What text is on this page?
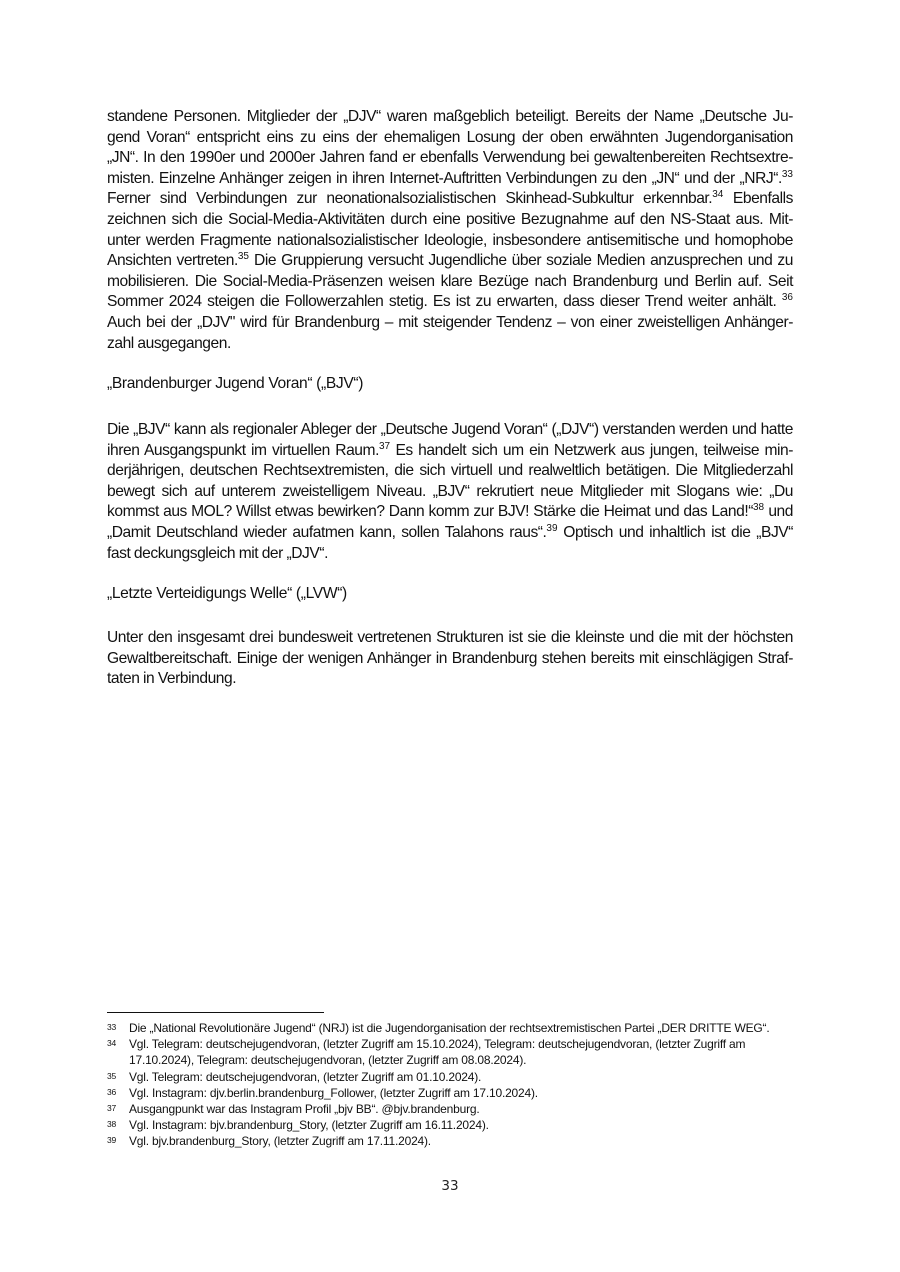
standene Personen. Mitglieder der „DJV“ waren maßgeblich beteiligt. Bereits der Name „Deutsche Ju-

gend Voran“ entspricht eins zu eins der ehemaligen Losung der oben erwähnten Jugendorganisation

„JN“. In den 1990er und 2000er Jahren fand er ebenfalls Verwendung bei gewaltenbereiten Rechtsextre-

misten. Einzelne Anhänger zeigen in ihren Internet-Auftritten Verbindungen zu den „JN“ und der „NRJ“.$^{33}$

Ferner sind Verbindungen zur neonationalsozialistischen Skinhead-Subkultur erkennbar.$^{34}$ Ebenfalls

zeichnen sich die Social-Media-Aktivitäten durch eine positive Bezugnahme auf den NS-Staat aus. Mit-

unter werden Fragmente nationalsozialistischer Ideologie, insbesondere antisemitische und homophobe

Ansichten vertreten.$^{35}$ Die Gruppierung versucht Jugendliche über soziale Medien anzusprechen und zu

mobilisieren. Die Social-Media-Präsenzen weisen klare Bezüge nach Brandenburg und Berlin auf. Seit

Sommer 2024 steigen die Followerzahlen stetig. Es ist zu erwarten, dass dieser Trend weiter anhält. $^{36}$

Auch bei der „DJV" wird für Brandenburg – mit steigender Tendenz – von einer zweistelligen Anhänger-

zahl ausgegangen.

„Brandenburger Jugend Voran“ („BJV“)

Die „BJV“ kann als regionaler Ableger der „Deutsche Jugend Voran“ („DJV“) verstanden werden und hatte

ihren Ausgangspunkt im virtuellen Raum.$^{37}$ Es handelt sich um ein Netzwerk aus jungen, teilweise min-

derjährigen, deutschen Rechtsextremisten, die sich virtuell und realweltlich betätigen. Die Mitgliederzahl

bewegt sich auf unterem zweistelligem Niveau. „BJV“ rekrutiert neue Mitglieder mit Slogans wie: „Du

kommst aus MOL? Willst etwas bewirken? Dann komm zur BJV! Stärke die Heimat und das Land!“$^{38}$ und

„Damit Deutschland wieder aufatmen kann, sollen Talahons raus“.$^{39}$ Optisch und inhaltlich ist die „BJV“

fast deckungsgleich mit der „DJV“.

„Letzte Verteidigungs Welle“ („LVW“)

Unter den insgesamt drei bundesweit vertretenen Strukturen ist sie die kleinste und die mit der höchsten

Gewaltbereitschaft. Einige der wenigen Anhänger in Brandenburg stehen bereits mit einschlägigen Straf-

taten in Verbindung.

33	Die „National Revolutionäre Jugend“ (NRJ) ist die Jugendorganisation der rechtsextremistischen Partei „DER DRITTE WEG“.
34	Vgl. Telegram: deutschejugendvoran, (letzter Zugriff am 15.10.2024), Telegram: deutschejugendvoran, (letzter Zugriff am 17.10.2024), Telegram: deutschejugendvoran, (letzter Zugriff am 08.08.2024).
35	Vgl. Telegram: deutschejugendvoran, (letzter Zugriff am 01.10.2024).
36	Vgl. Instagram: djv.berlin.brandenburg_Follower, (letzter Zugriff am 17.10.2024).
37	Ausgangpunkt war das Instagram Profil „bjv BB“. @bjv.brandenburg.
38	Vgl. Instagram: bjv.brandenburg_Story, (letzter Zugriff am 16.11.2024).
39	Vgl. bjv.brandenburg_Story, (letzter Zugriff am 17.11.2024).
33
